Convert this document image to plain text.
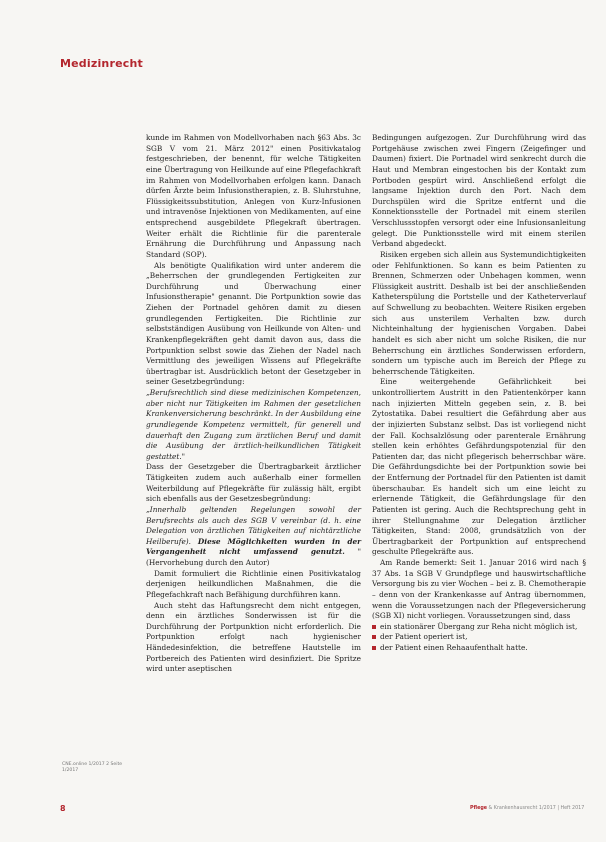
Medizinrecht

kunde im Rahmen von Modellvorhaben nach §63 Abs. 3c SGB V vom 21. März 2012" einen Positivkatalog festgeschrieben, der benennt, für welche Tätigkeiten eine Übertragung von Heilkunde auf eine Pflegefachkraft im Rahmen von Modellvorhaben erfolgen kann. Danach dürfen Ärzte beim Infusionstherapien, z. B. Sluhrstuhne, Flüssigkeitssubstitution, Anlegen von Kurz-Infusionen und intravenöse Injektionen von Medikamenten, auf eine entsprechend ausgebildete Pflegekraft übertragen. Weiter erhält die Richtlinie für die parenterale Ernährung die Durchführung und Anpassung nach Standard (SOP).

Als benötigte Qualifikation wird unter anderem die „Beherrschen der grundlegenden Fertigkeiten zur Durchführung und Überwachung einer Infusionstherapie" genannt. Die Portpunktion sowie das Ziehen der Portnadel gehören damit zu diesen grundlegenden Fertigkeiten. Die Richtlinie zur selbstständigen Ausübung von Heilkunde von Alten- und Krankenpflegekräften geht damit davon aus, dass die Portpunktion selbst sowie das Ziehen der Nadel nach Vermittlung des jeweiligen Wissens auf Pflegekräfte übertragbar ist. Ausdrücklich betont der Gesetzgeber in seiner Gesetzbegründung:

„Berufsrechtlich sind diese medizinischen Kompetenzen, aber nicht nur Tätigkeiten im Rahmen der gesetzlichen Krankenversicherung beschränkt. In der Ausbildung eine grundlegende Kompetenz vermittelt, für generell und dauerhaft den Zugang zum ärztlichen Beruf und damit die Ausübung der ärztlich-heilkundlichen Tätigkeit gestattet."

Dass der Gesetzgeber die Übertragbarkeit ärztlicher Tätigkeiten zudem auch außerhalb einer formellen Weiterbildung auf Pflegekräfte für zulässig hält, ergibt sich ebenfalls aus der Gesetzesbegründung:

„Innerhalb geltenden Regelungen sowohl der Berufsrechts als auch des SGB V vereinbar (d. h. eine Delegation von ärztlichen Tätigkeiten auf nichtärztliche Heilberufe). Diese Möglichkeiten wurden in der Vergangenheit nicht umfassend genutzt. " (Hervorhebung durch den Autor)

Damit formuliert die Richtlinie einen Positivkatalog derjenigen heilkundlichen Maßnahmen, die die Pflegefachkraft nach Befähigung durchführen kann.

Auch steht das Haftungsrecht dem nicht entgegen, denn ein ärztliches Sonderwissen ist für die Durchführung der Portpunktion nicht erforderlich. Die Portpunktion erfolgt nach hygienischer Händedesinfektion, die betreffene Hautstelle im Portbereich des Patienten wird desinfiziert. Die Spritze wird unter aseptischen

Bedingungen aufgezogen. Zur Durchführung wird das Portgehäuse zwischen zwei Fingern (Zeigefinger und Daumen) fixiert. Die Portnadel wird senkrecht durch die Haut und Membran eingestochen bis der Kontakt zum Portboden gespürt wird. Anschließend erfolgt die langsame Injektion durch den Port. Nach dem Durchspülen wird die Spritze entfernt und die Konnektionsstelle der Portnadel mit einem sterilen Verschlussstopfen versorgt oder eine Infusionsanleitung gelegt. Die Punktionsstelle wird mit einem sterilen Verband abgedeckt.

Risiken ergeben sich allein aus Systemundichtigkeiten oder Fehlfunktionen. So kann es beim Patienten zu Brennen, Schmerzen oder Unbehagen kommen, wenn Flüssigkeit austritt. Deshalb ist bei der anschließenden Katheterspülung die Portstelle und der Katheterverlauf auf Schwellung zu beobachten. Weitere Risiken ergeben sich aus unsterilem Verhalten bzw. durch Nichteinhaltung der hygienischen Vorgaben. Dabei handelt es sich aber nicht um solche Risiken, die nur Beherrschung ein ärztliches Sonderwissen erfordern, sondern um typische auch im Bereich der Pflege zu beherrschende Tätigkeiten.

Eine weitergehende Gefährlichkeit bei unkontrolliertem Austritt in den Patientenkörper kann nach injizierten Mitteln gegeben sein, z. B. bei Zytostatika. Dabei resultiert die Gefährdung aber aus der injizierten Substanz selbst. Das ist vorliegend nicht der Fall. Kochsalzlösung oder parenterale Ernährung stellen kein erhöhtes Gefährdungspotenzial für den Patienten dar, das nicht pflegerisch beherrschbar wäre. Die Gefährdungsdichte bei der Portpunktion sowie bei der Entfernung der Portnadel für den Patienten ist damit überschaubar. Es handelt sich um eine leicht zu erlernende Tätigkeit, die Gefährdungslage für den Patienten ist gering. Auch die Rechtsprechung geht in ihrer Stellungnahme zur Delegation ärztlicher Tätigkeiten, Stand: 2008, grundsätzlich von der Übertragbarkeit der Portpunktion auf entsprechend geschulte Pflegekräfte aus.

Am Rande bemerkt: Seit 1. Januar 2016 wird nach § 37 Abs. 1a SGB V Grundpflege und hauswirtschaftliche Versorgung bis zu vier Wochen – bei z. B. Chemotherapie – denn von der Krankenkasse auf Antrag übernommen, wenn die Voraussetzungen nach der Pflegeversicherung (SGB XI) nicht vorliegen. Voraussetzungen sind, dass

ein stationärer Übergang zur Reha nicht möglich ist,
der Patient operiert ist,
der Patient einen Rehaaufenthalt hatte.
CNE.online 1/2017 2 Seite 1/2017
8	Pflege & Krankenhausrecht 1/2017 | Heft 2017
